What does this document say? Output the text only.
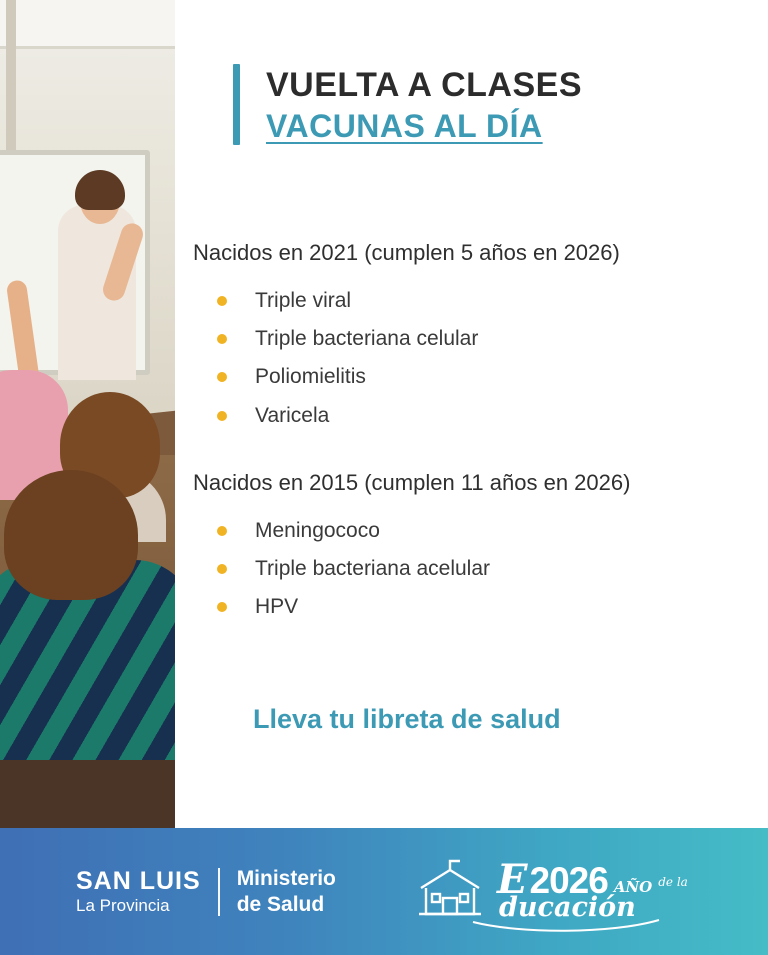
VUELTA A CLASES
VACUNAS AL DÍA
Nacidos en 2021 (cumplen 5 años en 2026)
Triple viral
Triple bacteriana celular
Poliomielitis
Varicela
Nacidos en 2015 (cumplen 11 años en 2026)
Meningococo
Triple bacteriana acelular
HPV
Lleva tu libreta de salud
SAN LUIS
La Provincia
Ministerio
de Salud
E 2026 AÑO de la
ducación
